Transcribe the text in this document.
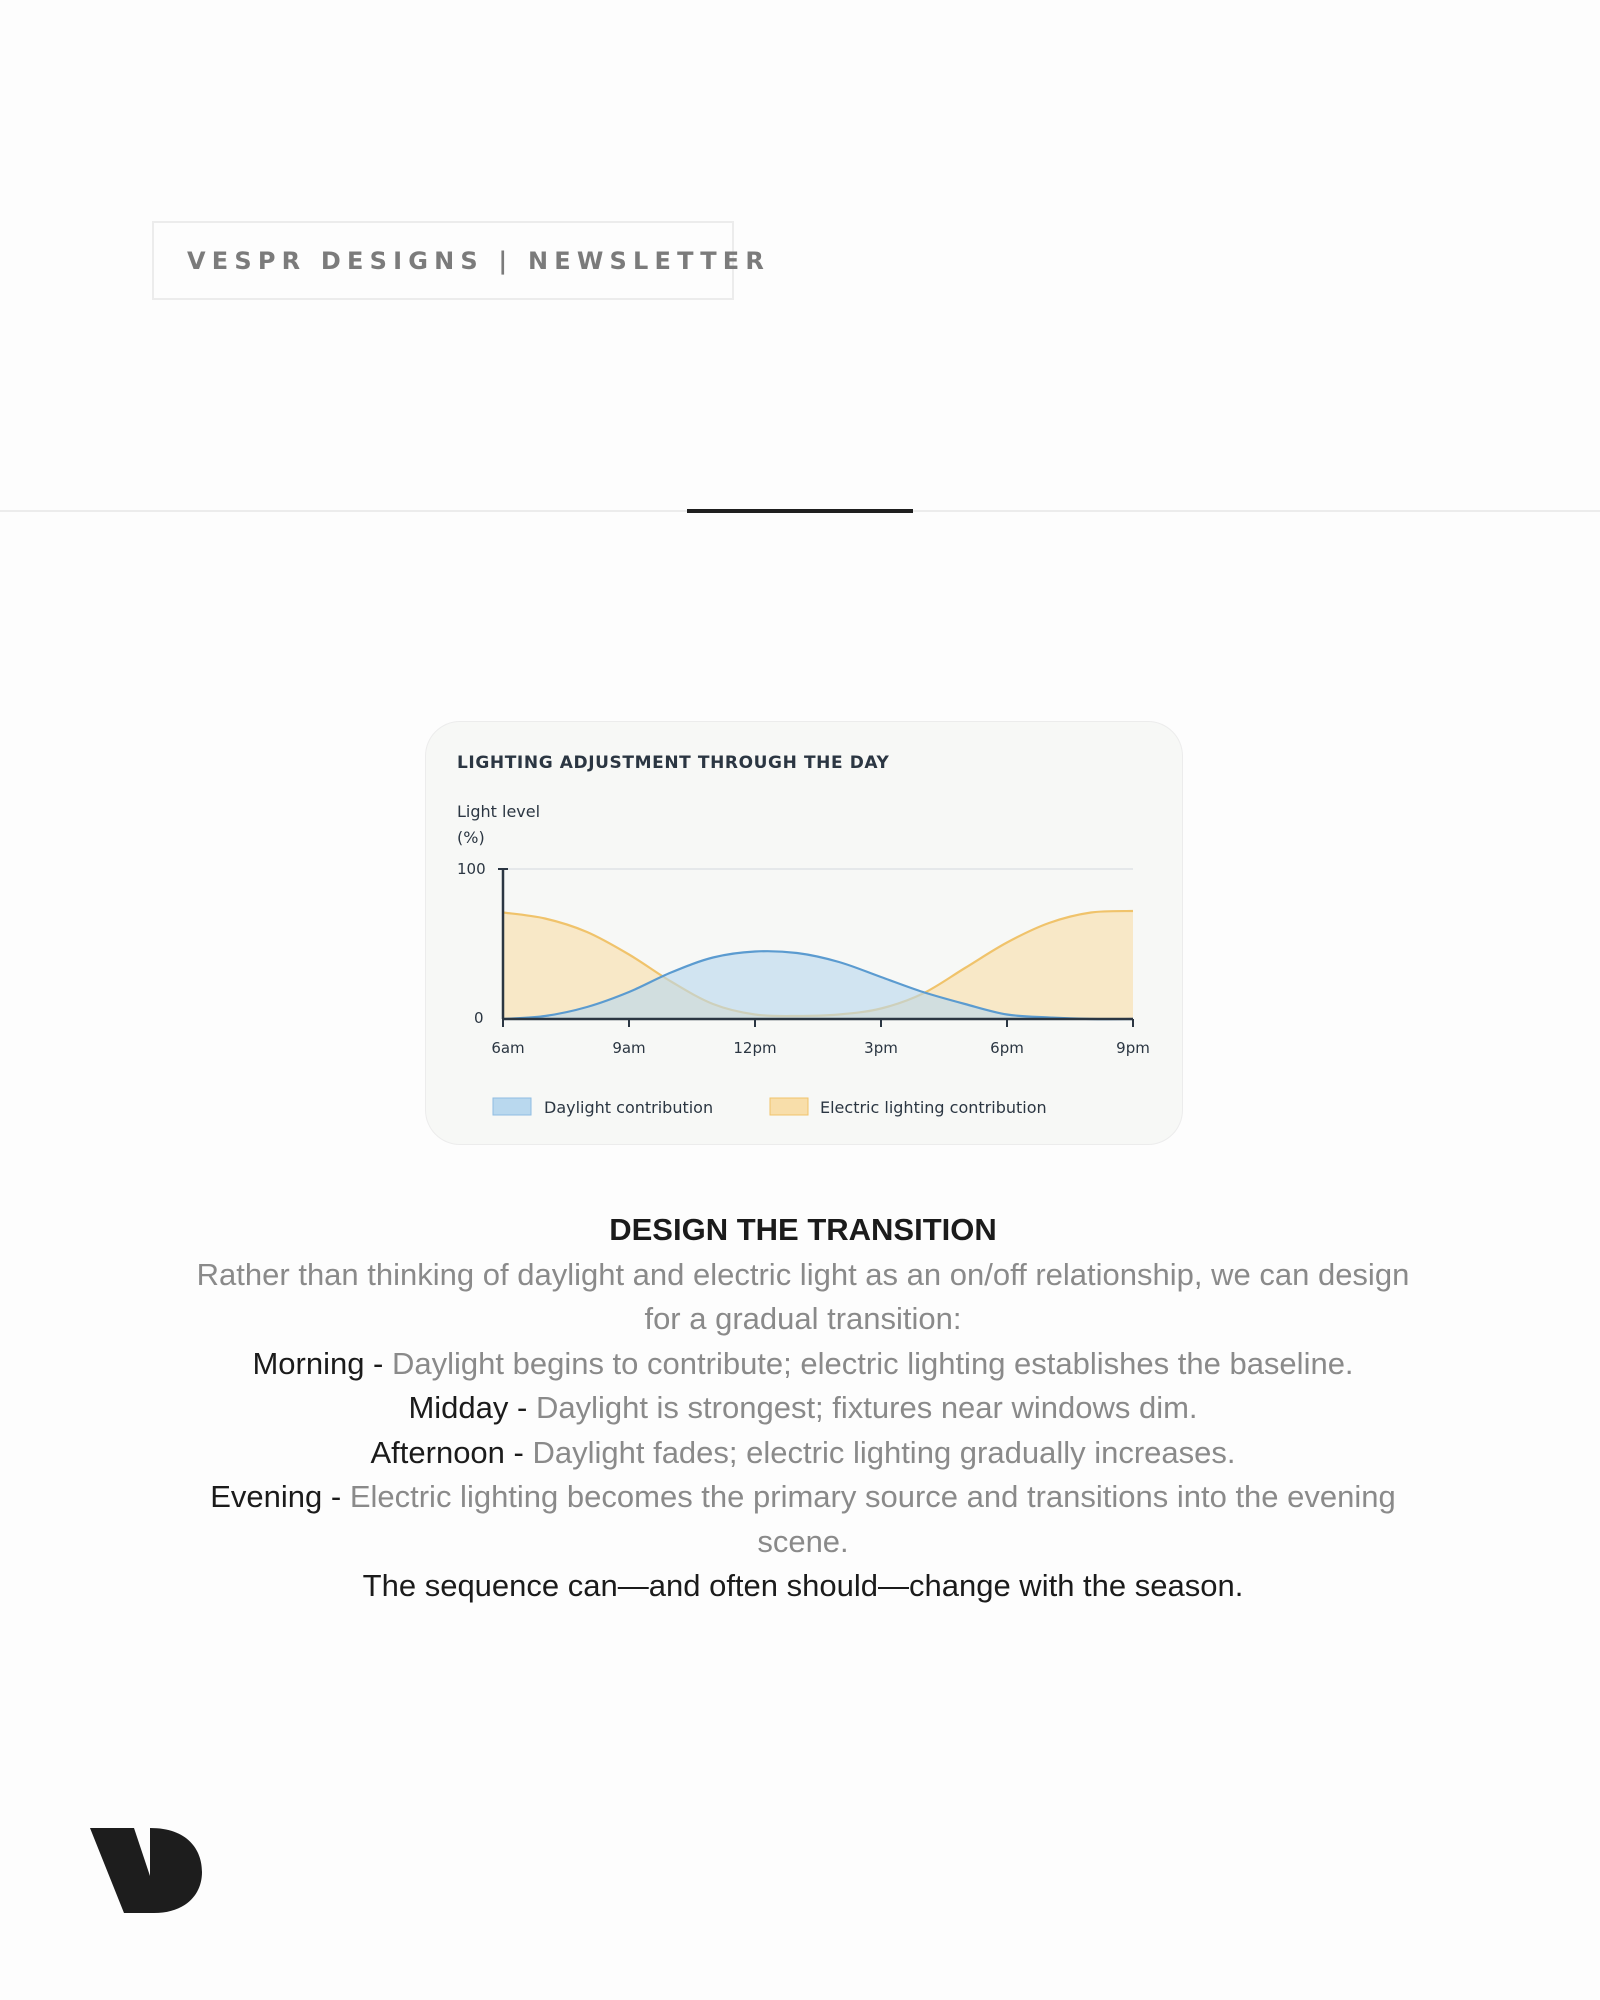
VESPR DESIGNS | NEWSLETTER
LIGHTING ADJUSTMENT THROUGH THE DAY
Light level
(%)
100
0
6am	9am	12pm	3pm	6pm	9pm
Daylight contribution	Electric lighting contribution
DESIGN THE TRANSITION
Rather than thinking of daylight and electric light as an on/off relationship, we can design
for a gradual transition:
Morning - Daylight begins to contribute; electric lighting establishes the baseline.
Midday - Daylight is strongest; fixtures near windows dim.
Afternoon - Daylight fades; electric lighting gradually increases.
Evening - Electric lighting becomes the primary source and transitions into the evening
scene.
The sequence can—and often should—change with the season.
